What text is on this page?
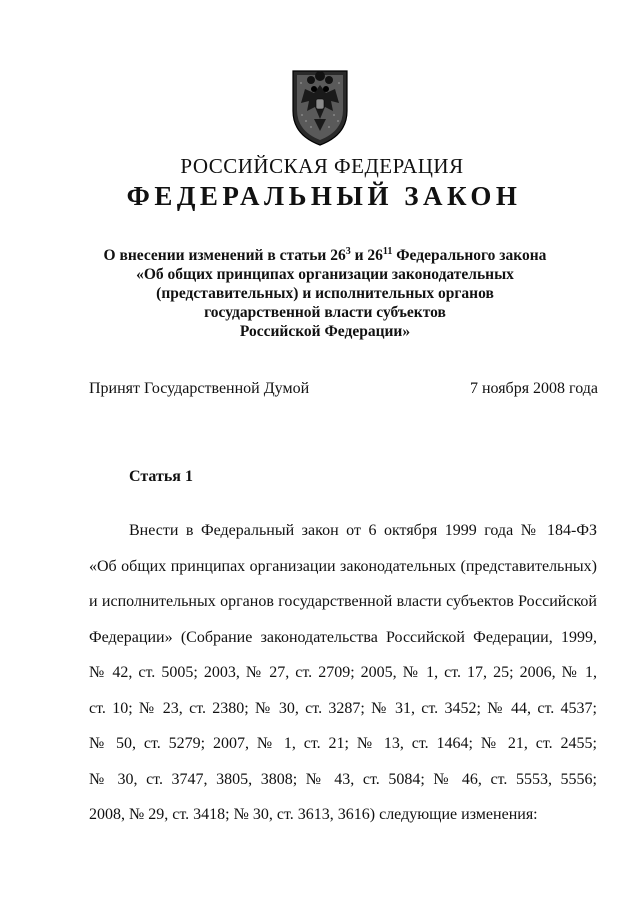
РОССИЙСКАЯ ФЕДЕРАЦИЯ
ФЕДЕРАЛЬНЫЙ ЗАКОН
О внесении изменений в статьи $26^3$ и $26^{11}$ Федерального закона
«Об общих принципах организации законодательных
(представительных) и исполнительных органов
государственной власти субъектов
Российской Федерации»
Принят Государственной Думой	7 ноября 2008 года
Статья 1
Внести в Федеральный закон от 6 октября 1999 года № 184-ФЗ
«Об общих принципах организации законодательных (представительных)
и исполнительных органов государственной власти субъектов Российской
Федерации» (Собрание законодательства Российской Федерации, 1999,
№ 42, ст. 5005; 2003, № 27, ст. 2709; 2005, № 1, ст. 17, 25; 2006, № 1,
ст. 10; № 23, ст. 2380; № 30, ст. 3287; № 31, ст. 3452; № 44, ст. 4537;
№ 50, ст. 5279; 2007, № 1, ст. 21; № 13, ст. 1464; № 21, ст. 2455;
№ 30, ст. 3747, 3805, 3808; № 43, ст. 5084; № 46, ст. 5553, 5556;
2008, № 29, ст. 3418; № 30, ст. 3613, 3616) следующие изменения:
